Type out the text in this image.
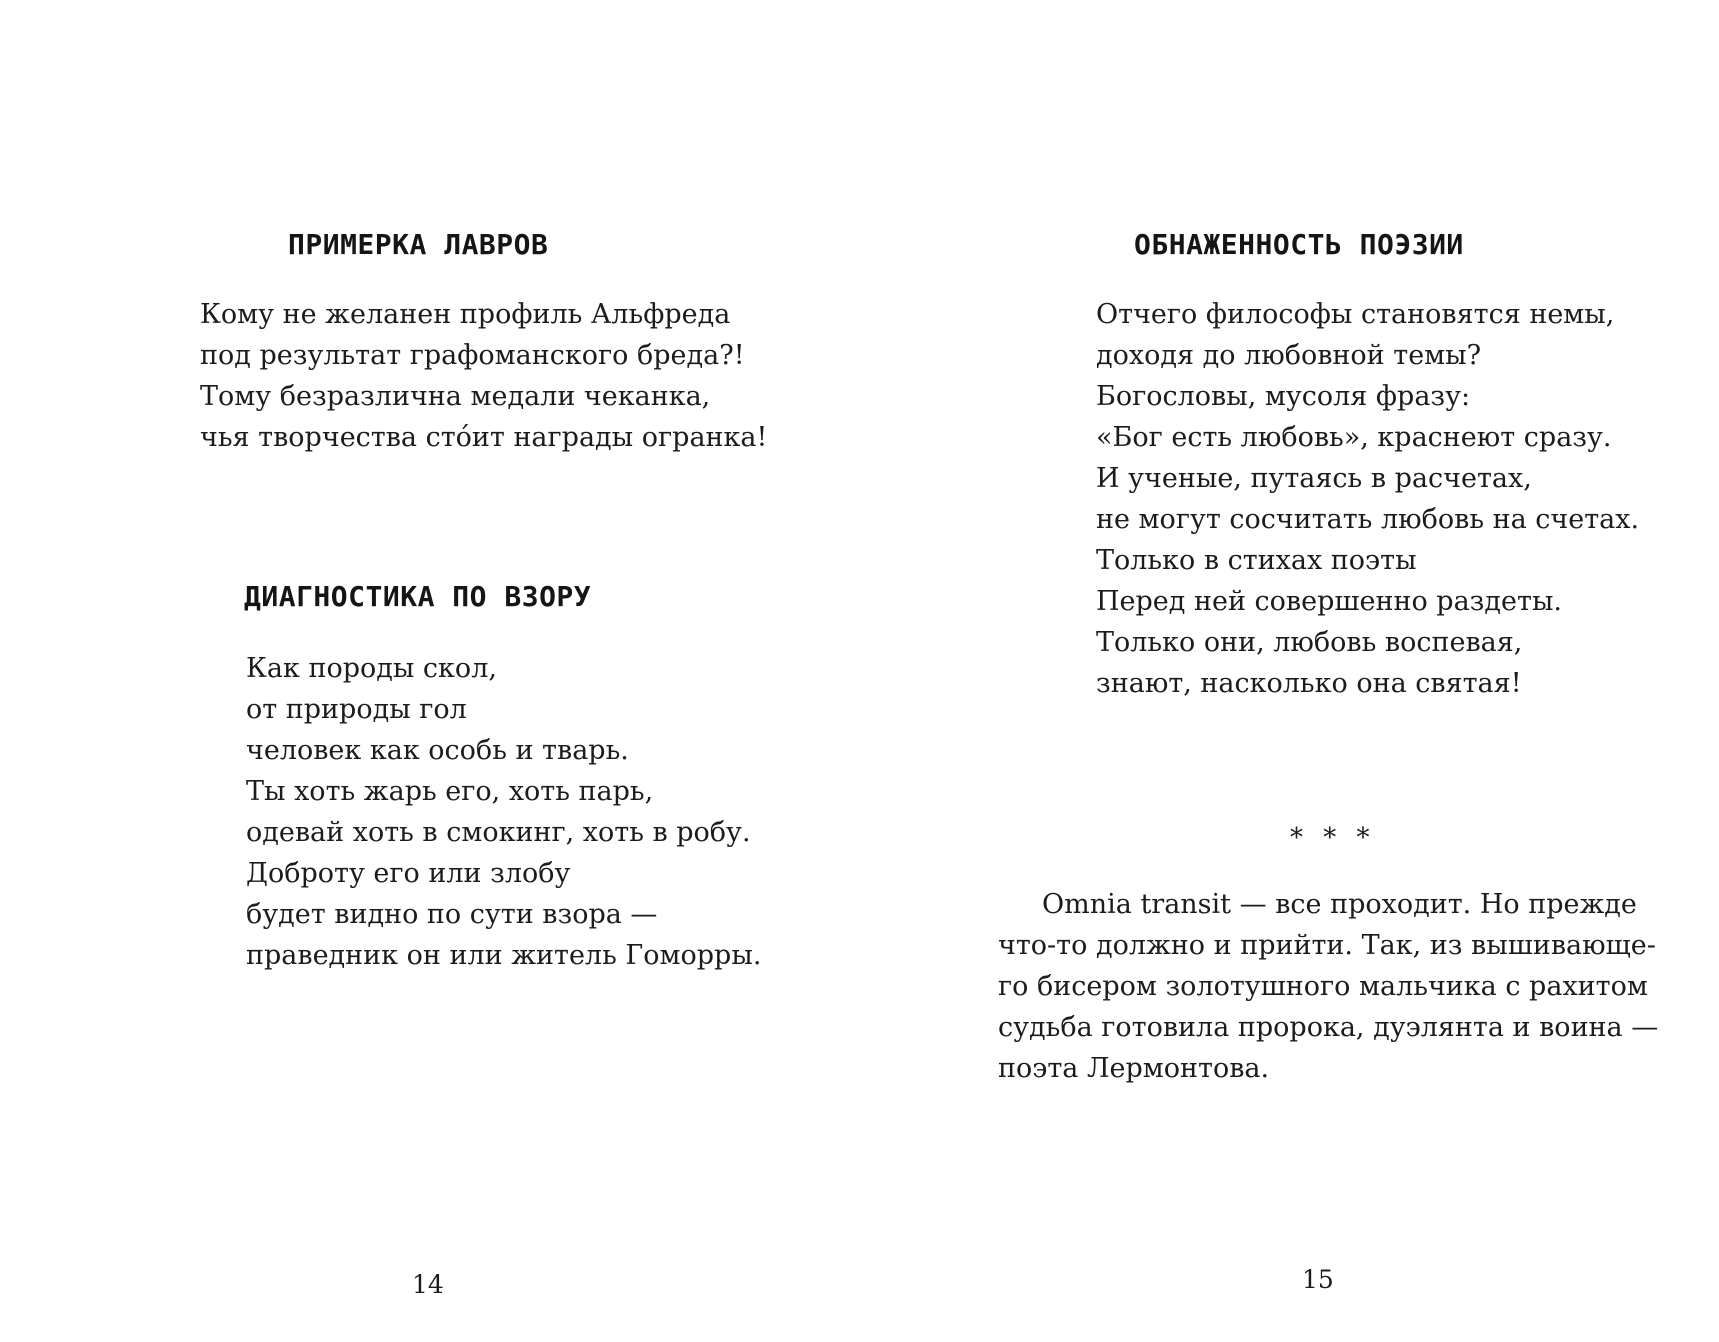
ПРИМЕРКА ЛАВРОВ
Кому не желанен профиль Альфреда
под результат графоманского бреда?!
Тому безразлична медали чеканка,
чья творчества сто́ит награды огранка!
ДИАГНОСТИКА ПО ВЗОРУ
Как породы скол,
от природы гол
человек как особь и тварь.
Ты хоть жарь его, хоть парь,
одевай хоть в смокинг, хоть в робу.
Доброту его или злобу
будет видно по сути взора —
праведник он или житель Гоморры.
14
ОБНАЖЕННОСТЬ ПОЭЗИИ
Отчего философы становятся немы,
доходя до любовной темы?
Богословы, мусоля фразу:
«Бог есть любовь», краснеют сразу.
И ученые, путаясь в расчетах,
не могут сосчитать любовь на счетах.
Только в стихах поэты
Перед ней совершенно раздеты.
Только они, любовь воспевая,
знают, насколько она святая!
* * *
Omnia transit — все проходит. Но прежде
что-то должно и прийти. Так, из вышивающе-
го бисером золотушного мальчика с рахитом
судьба готовила пророка, дуэлянта и воина —
поэта Лермонтова.
15
